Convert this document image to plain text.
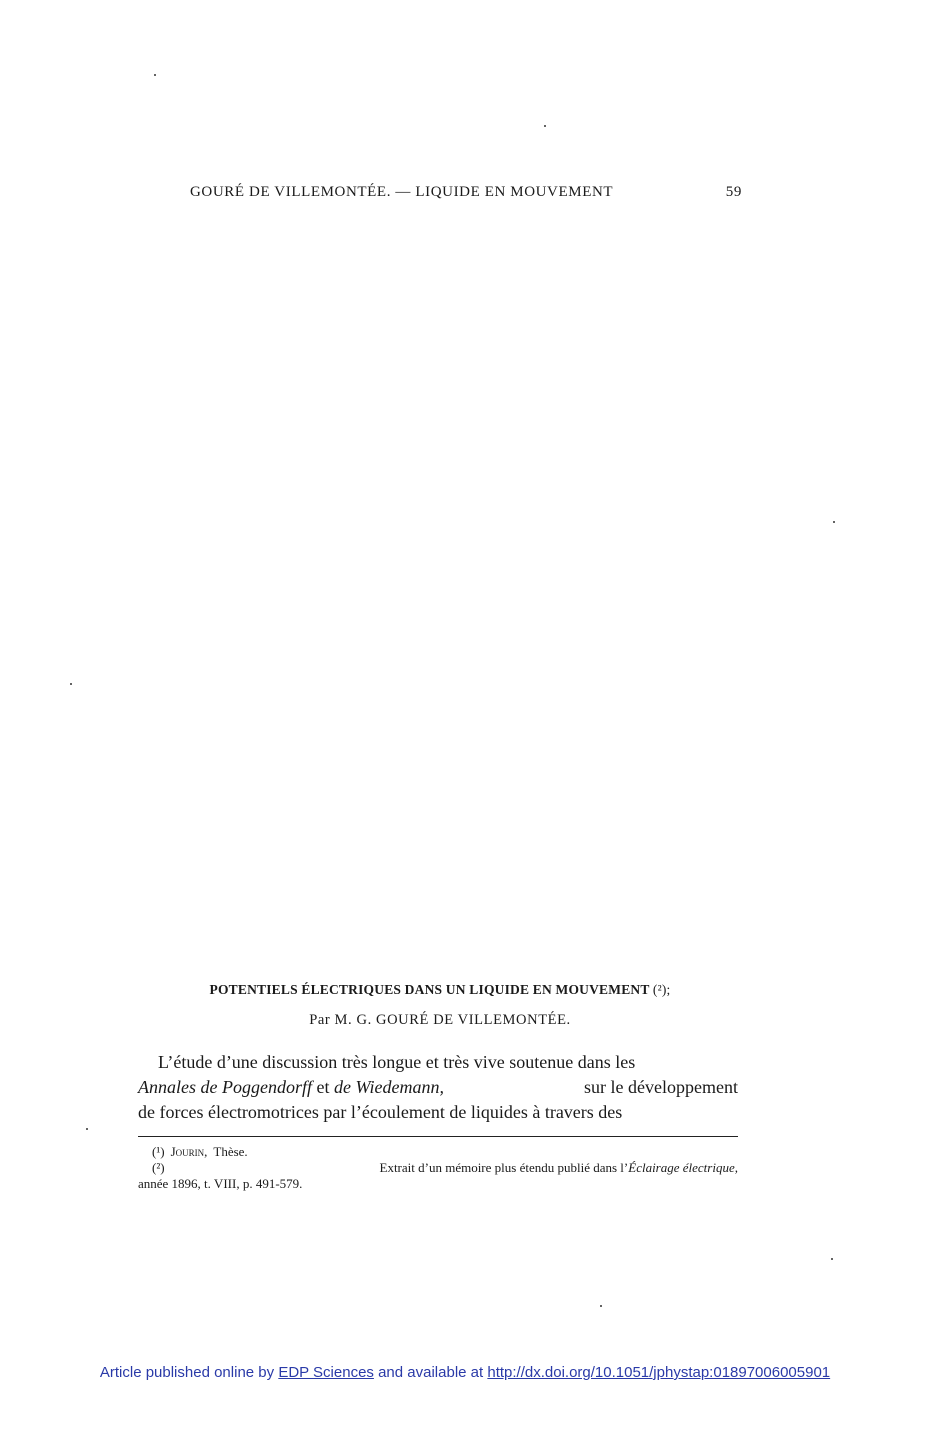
GOURÉ DE VILLEMONTÉE. — LIQUIDE EN MOUVEMENT	59
POTENTIELS ÉLECTRIQUES DANS UN LIQUIDE EN MOUVEMENT (²);
Par M. G. GOURÉ DE VILLEMONTÉE.
L’étude d’une discussion très longue et très vive soutenue dans les
Annales de Poggendorff et de Wiedemann,	sur le développement
de forces électromotrices par l’écoulement de liquides à travers des
(¹) Jourin, Thèse.
(²)	Extrait d’un mémoire plus étendu publié dans l’Éclairage électrique,
année 1896, t. VIII, p. 491-579.
Article published online by EDP Sciences and available at http://dx.doi.org/10.1051/jphystap:01897006005901
